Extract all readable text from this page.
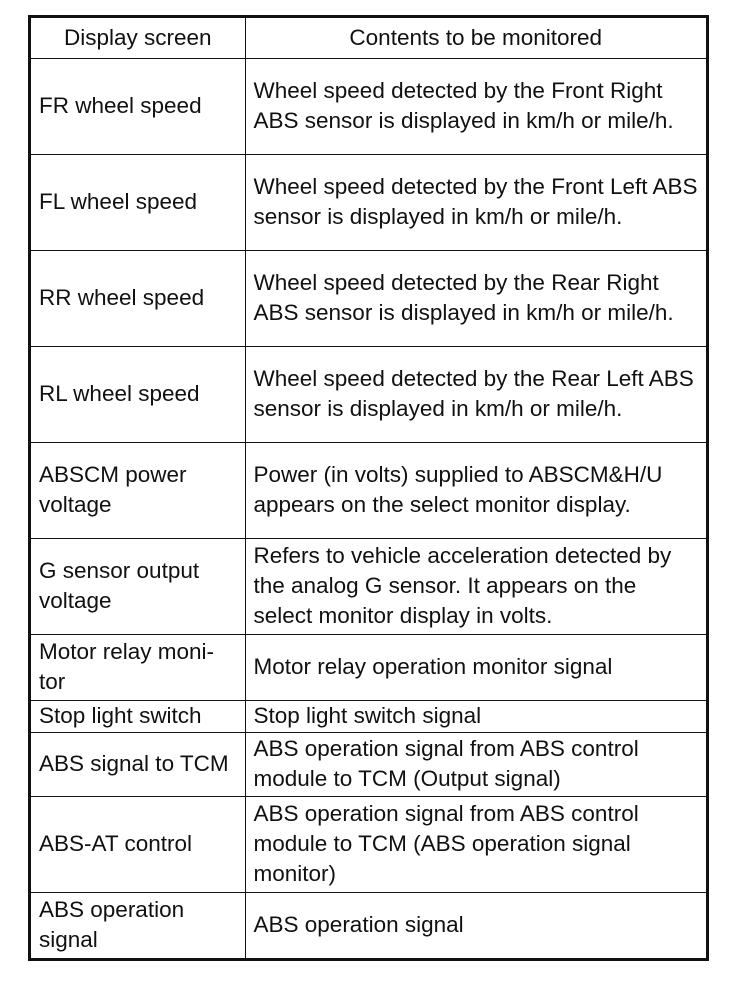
Display screen	Contents to be monitored
FR wheel speed	Wheel speed detected by the Front Right ABS sensor is displayed in km/h or mile/h.
FL wheel speed	Wheel speed detected by the Front Left ABS sensor is displayed in km/h or mile/h.
RR wheel speed	Wheel speed detected by the Rear Right ABS sensor is displayed in km/h or mile/h.
RL wheel speed	Wheel speed detected by the Rear Left ABS sensor is displayed in km/h or mile/h.
ABSCM power voltage	Power (in volts) supplied to ABSCM&H/U appears on the select monitor display.
G sensor output voltage	Refers to vehicle acceleration detected by the analog G sensor. It appears on the select monitor display in volts.
Motor relay moni-tor	Motor relay operation monitor signal
Stop light switch	Stop light switch signal
ABS signal to TCM	ABS operation signal from ABS control module to TCM (Output signal)
ABS-AT control	ABS operation signal from ABS control module to TCM (ABS operation signal monitor)
ABS operation signal	ABS operation signal
